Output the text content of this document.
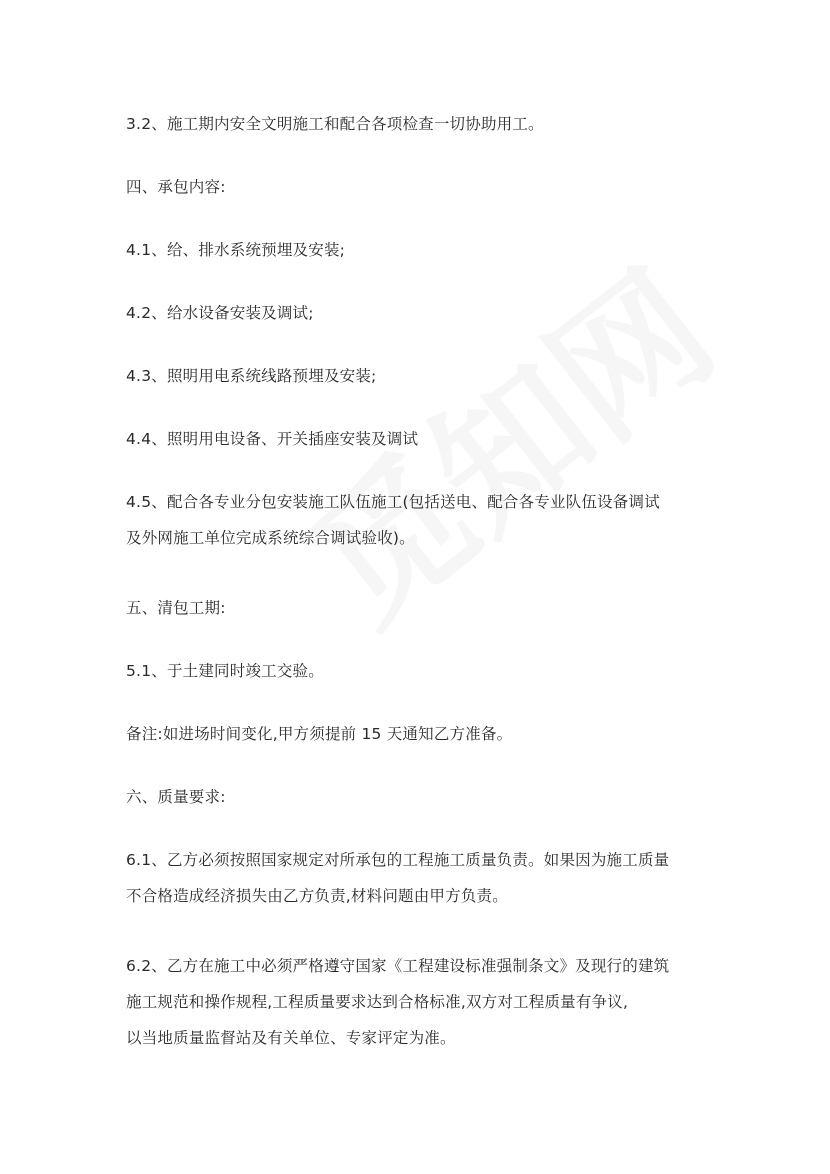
3.2、施工期内安全文明施工和配合各项检查一切协助用工。

四、承包内容:

4.1、给、排水系统预埋及安装;

4.2、给水设备安装及调试;

4.3、照明用电系统线路预埋及安装;

4.4、照明用电设备、开关插座安装及调试

4.5、配合各专业分包安装施工队伍施工(包括送电、配合各专业队伍设备调试
及外网施工单位完成系统综合调试验收)。

五、清包工期:

5.1、于土建同时竣工交验。

备注:如进场时间变化,甲方须提前 15 天通知乙方准备。

六、质量要求:

6.1、乙方必须按照国家规定对所承包的工程施工质量负责。如果因为施工质量
不合格造成经济损失由乙方负责,材料问题由甲方负责。

6.2、乙方在施工中必须严格遵守国家《工程建设标准强制条文》及现行的建筑
施工规范和操作规程,工程质量要求达到合格标准,双方对工程质量有争议,
以当地质量监督站及有关单位、专家评定为准。
